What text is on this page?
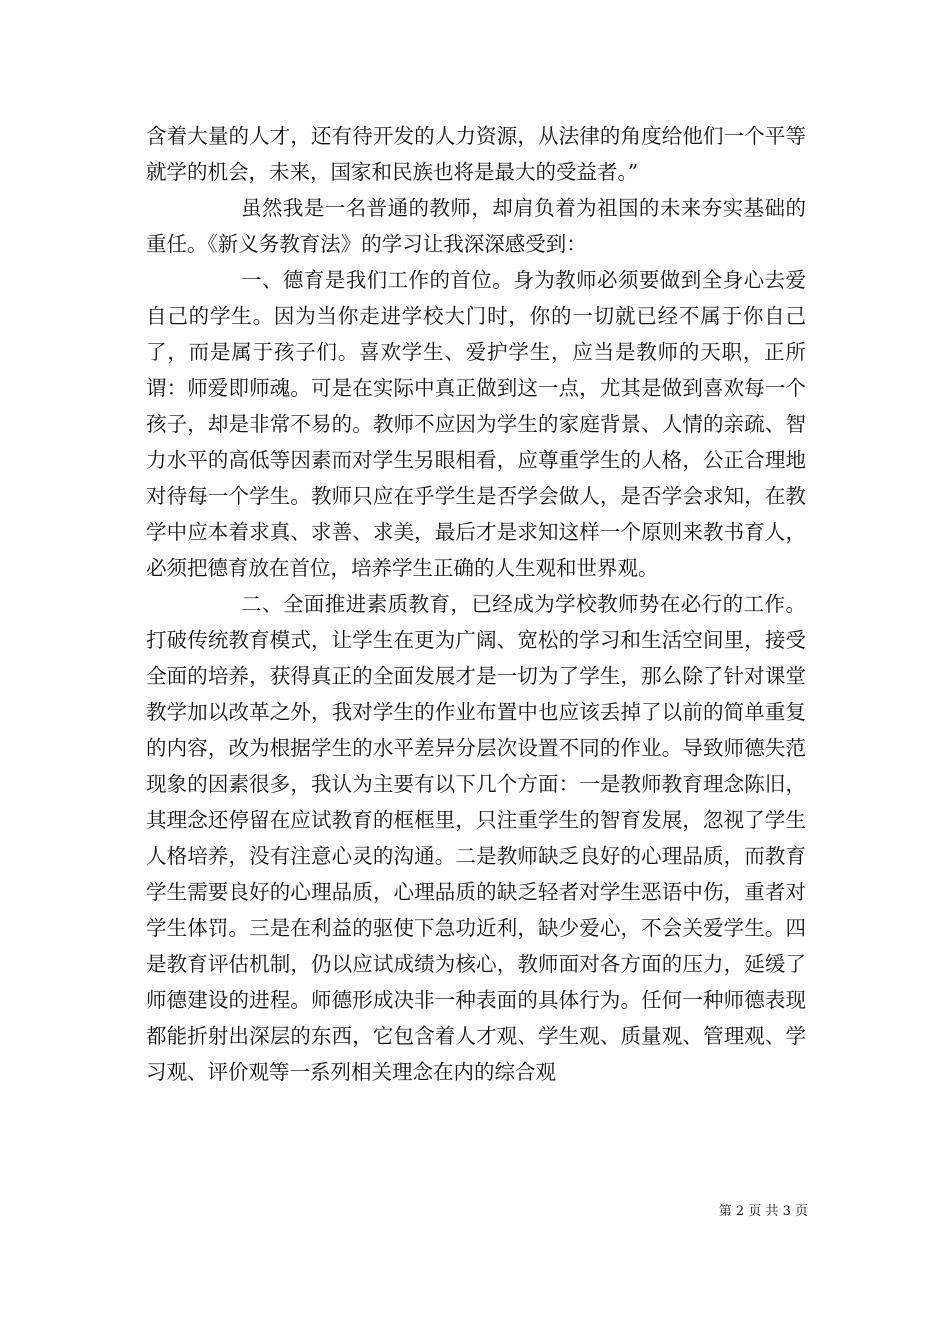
含着大量的人才，还有待开发的人力资源，从法律的角度给他们一个平等就学的机会，未来，国家和民族也将是最大的受益者。”

虽然我是一名普通的教师，却肩负着为祖国的未来夯实基础的重任。《新义务教育法》的学习让我深深感受到：

一、德育是我们工作的首位。身为教师必须要做到全身心去爱自己的学生。因为当你走进学校大门时，你的一切就已经不属于你自己了，而是属于孩子们。喜欢学生、爱护学生，应当是教师的天职，正所谓：师爱即师魂。可是在实际中真正做到这一点，尤其是做到喜欢每一个孩子，却是非常不易的。教师不应因为学生的家庭背景、人情的亲疏、智力水平的高低等因素而对学生另眼相看，应尊重学生的人格，公正合理地对待每一个学生。教师只应在乎学生是否学会做人，是否学会求知，在教学中应本着求真、求善、求美，最后才是求知这样一个原则来教书育人，必须把德育放在首位，培养学生正确的人生观和世界观。

二、全面推进素质教育，已经成为学校教师势在必行的工作。打破传统教育模式，让学生在更为广阔、宽松的学习和生活空间里，接受全面的培养，获得真正的全面发展才是一切为了学生，那么除了针对课堂教学加以改革之外，我对学生的作业布置中也应该丢掉了以前的简单重复的内容，改为根据学生的水平差异分层次设置不同的作业。导致师德失范现象的因素很多，我认为主要有以下几个方面：一是教师教育理念陈旧，其理念还停留在应试教育的框框里，只注重学生的智育发展，忽视了学生人格培养，没有注意心灵的沟通。二是教师缺乏良好的心理品质，而教育学生需要良好的心理品质，心理品质的缺乏轻者对学生恶语中伤，重者对学生体罚。三是在利益的驱使下急功近利，缺少爱心，不会关爱学生。四是教育评估机制，仍以应试成绩为核心，教师面对各方面的压力，延缓了师德建设的进程。师德形成决非一种表面的具体行为。任何一种师德表现都能折射出深层的东西，它包含着人才观、学生观、质量观、管理观、学习观、评价观等一系列相关理念在内的综合观

第 2 页 共 3 页
